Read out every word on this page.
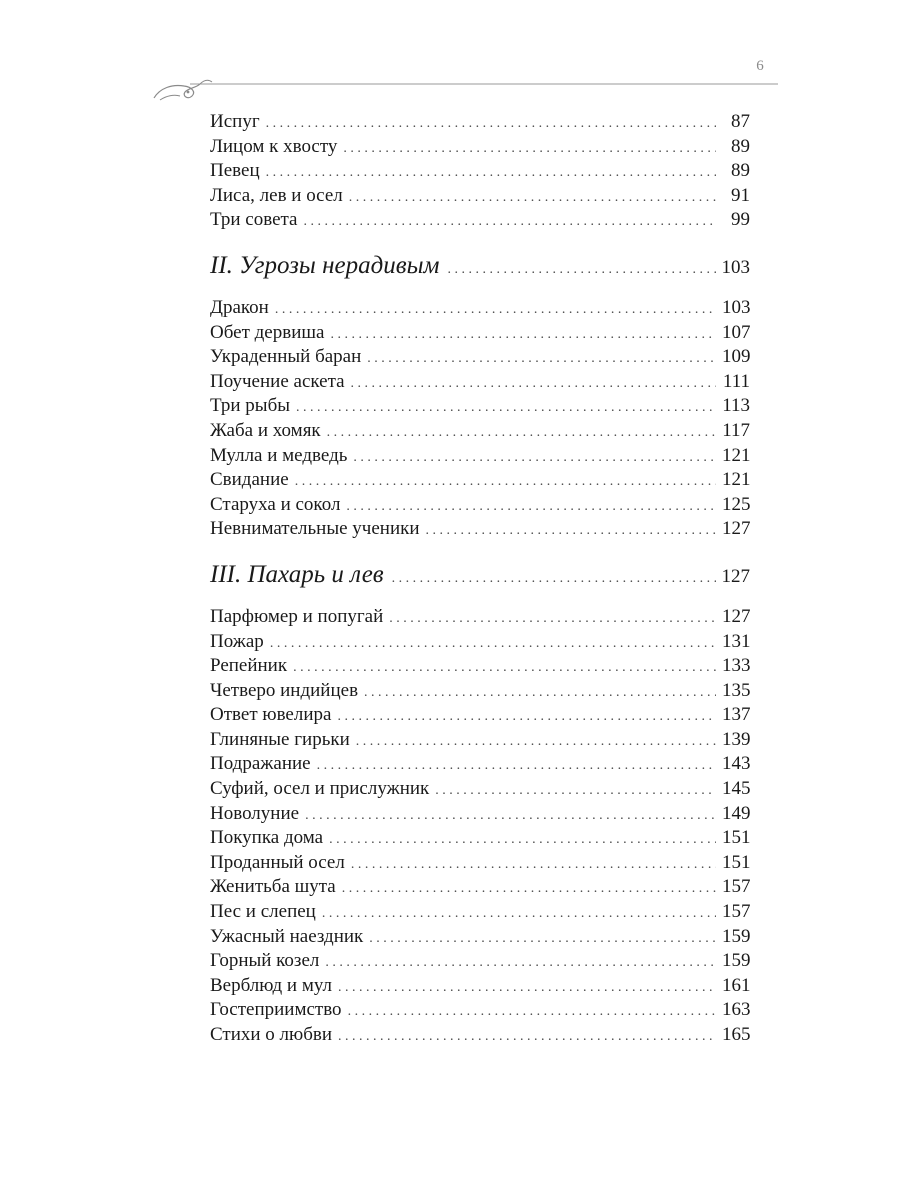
6
Испуг . . .	87
Лицом к хвосту . . .	89
Певец . . .	89
Лиса, лев и осел . . .	91
Три совета . . .	99
II. Угрозы нерадивым . . .	103
Дракон . . .	103
Обет дервиша . . .	107
Украденный баран . . .	109
Поучение аскета . . .	111
Три рыбы . . .	113
Жаба и хомяк . . .	117
Мулла и медведь . . .	121
Свидание . . .	121
Старуха и сокол . . .	125
Невнимательные ученики . . .	127
III. Пахарь и лев . . .	127
Парфюмер и попугай . . .	127
Пожар . . .	131
Репейник . . .	133
Четверо индийцев . . .	135
Ответ ювелира . . .	137
Глиняные гирьки . . .	139
Подражание . . .	143
Суфий, осел и прислужник . . .	145
Новолуние . . .	149
Покупка дома . . .	151
Проданный осел . . .	151
Женитьба шута . . .	157
Пес и слепец . . .	157
Ужасный наездник . . .	159
Горный козел . . .	159
Верблюд и мул . . .	161
Гостеприимство . . .	163
Стихи о любви . . .	165
